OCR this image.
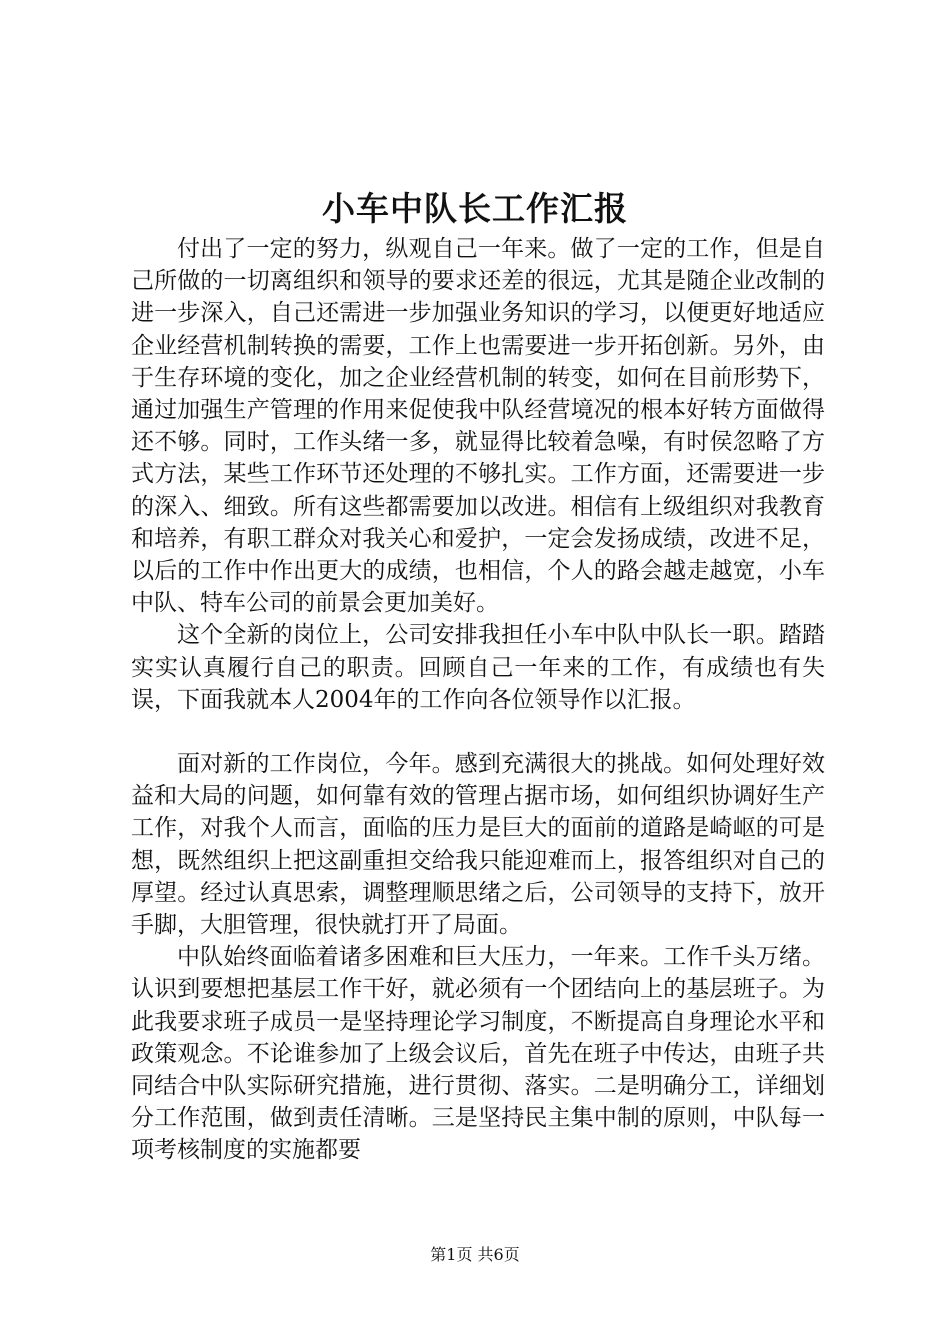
小车中队长工作汇报

付出了一定的努力，纵观自己一年来。做了一定的工作，但是自己所做的一切离组织和领导的要求还差的很远，尤其是随企业改制的进一步深入，自己还需进一步加强业务知识的学习，以便更好地适应企业经营机制转换的需要，工作上也需要进一步开拓创新。另外，由于生存环境的变化，加之企业经营机制的转变，如何在目前形势下，通过加强生产管理的作用来促使我中队经营境况的根本好转方面做得还不够。同时，工作头绪一多，就显得比较着急噪，有时侯忽略了方式方法，某些工作环节还处理的不够扎实。工作方面，还需要进一步的深入、细致。所有这些都需要加以改进。相信有上级组织对我教育和培养，有职工群众对我关心和爱护，一定会发扬成绩，改进不足，以后的工作中作出更大的成绩，也相信，个人的路会越走越宽，小车中队、特车公司的前景会更加美好。

这个全新的岗位上，公司安排我担任小车中队中队长一职。踏踏实实认真履行自己的职责。回顾自己一年来的工作，有成绩也有失误，下面我就本人2004年的工作向各位领导作以汇报。

面对新的工作岗位，今年。感到充满很大的挑战。如何处理好效益和大局的问题，如何靠有效的管理占据市场，如何组织协调好生产工作，对我个人而言，面临的压力是巨大的面前的道路是崎岖的可是想，既然组织上把这副重担交给我只能迎难而上，报答组织对自己的厚望。经过认真思索，调整理顺思绪之后，公司领导的支持下，放开手脚，大胆管理，很快就打开了局面。

中队始终面临着诸多困难和巨大压力，一年来。工作千头万绪。认识到要想把基层工作干好，就必须有一个团结向上的基层班子。为此我要求班子成员一是坚持理论学习制度，不断提高自身理论水平和政策观念。不论谁参加了上级会议后，首先在班子中传达，由班子共同结合中队实际研究措施，进行贯彻、落实。二是明确分工，详细划分工作范围，做到责任清晰。三是坚持民主集中制的原则，中队每一项考核制度的实施都要

第1页 共6页
